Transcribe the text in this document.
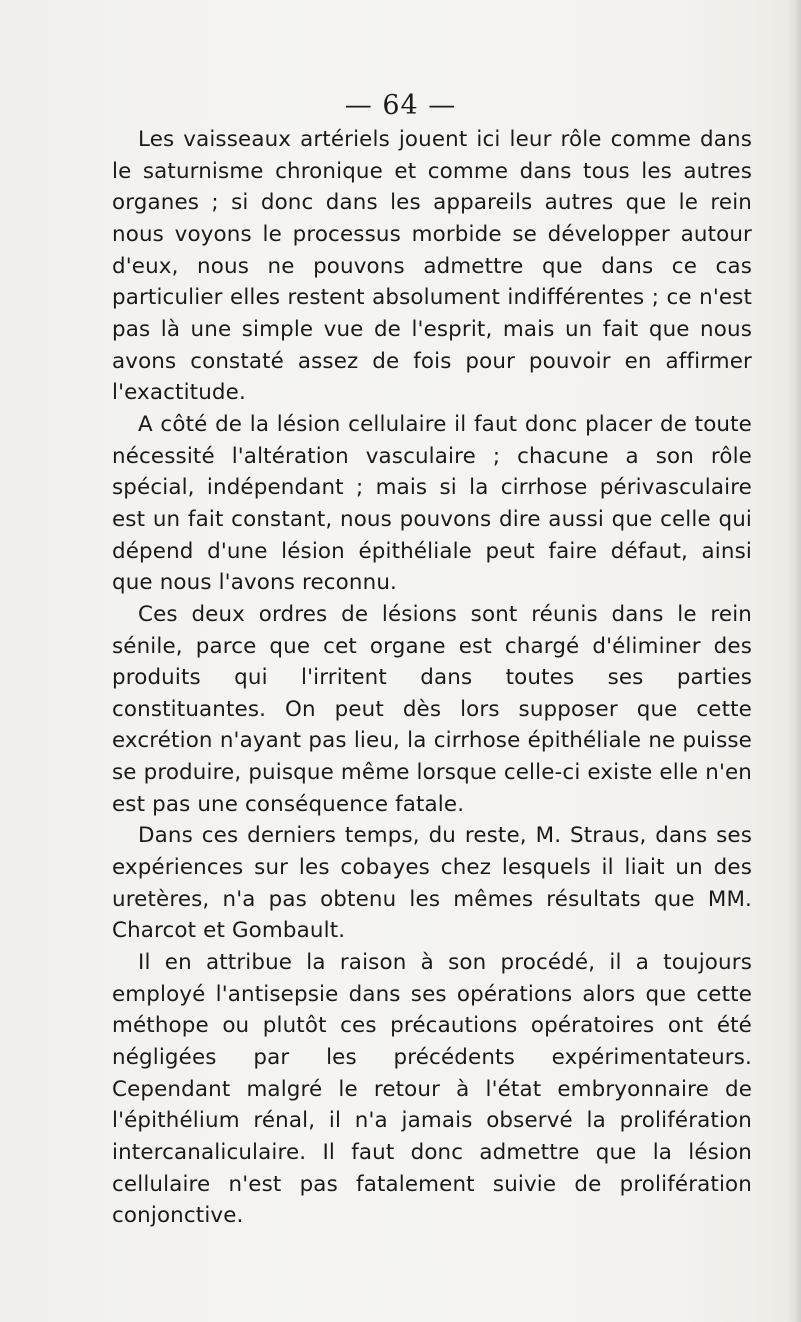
— 64 —

Les vaisseaux artériels jouent ici leur rôle comme dans le saturnisme chronique et comme dans tous les autres organes ; si donc dans les appareils autres que le rein nous voyons le processus morbide se développer autour d'eux, nous ne pouvons admettre que dans ce cas particulier elles restent absolument indifférentes ; ce n'est pas là une simple vue de l'esprit, mais un fait que nous avons constaté assez de fois pour pouvoir en affirmer l'exactitude.

A côté de la lésion cellulaire il faut donc placer de toute nécessité l'altération vasculaire ; chacune a son rôle spécial, indépendant ; mais si la cirrhose périvasculaire est un fait constant, nous pouvons dire aussi que celle qui dépend d'une lésion épithéliale peut faire défaut, ainsi que nous l'avons reconnu.

Ces deux ordres de lésions sont réunis dans le rein sénile, parce que cet organe est chargé d'éliminer des produits qui l'irritent dans toutes ses parties constituantes. On peut dès lors supposer que cette excrétion n'ayant pas lieu, la cirrhose épithéliale ne puisse se produire, puisque même lorsque celle-ci existe elle n'en est pas une conséquence fatale.

Dans ces derniers temps, du reste, M. Straus, dans ses expériences sur les cobayes chez lesquels il liait un des uretères, n'a pas obtenu les mêmes résultats que MM. Charcot et Gombault.

Il en attribue la raison à son procédé, il a toujours employé l'antisepsie dans ses opérations alors que cette méthope ou plutôt ces précautions opératoires ont été négligées par les précédents expérimentateurs. Cependant malgré le retour à l'état embryonnaire de l'épithélium rénal, il n'a jamais observé la prolifération intercanaliculaire. Il faut donc admettre que la lésion cellulaire n'est pas fatalement suivie de prolifération conjonctive.
